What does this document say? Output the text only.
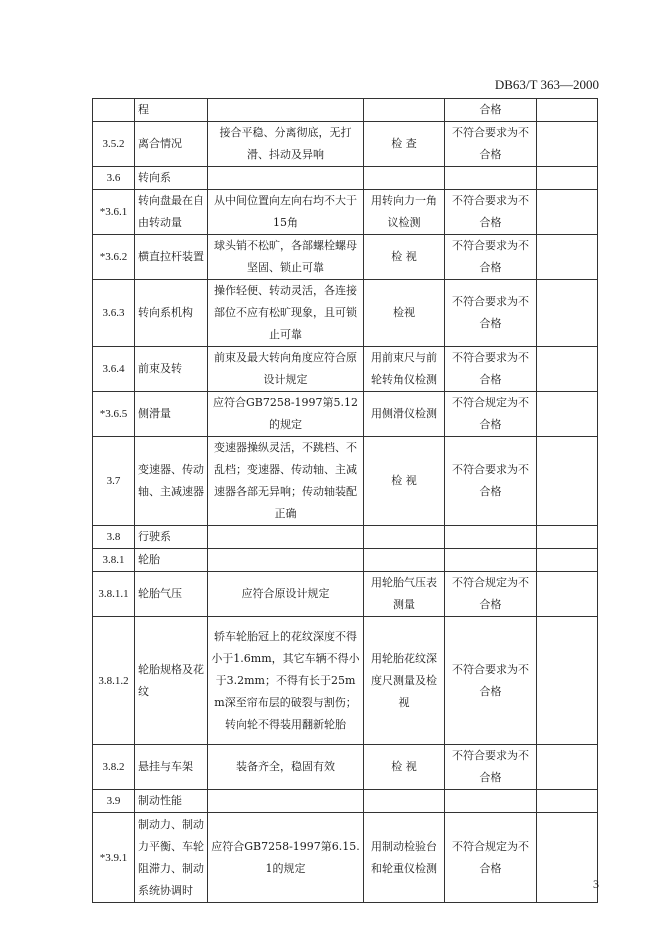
DB63/T 363—2000
	程			合格	
3.5.2	离合情况	接合平稳、分离彻底，无打滑、抖动及异响	检 查	不符合要求为不合格	
3.6	转向系				
*3.6.1	转向盘最在自由转动量	从中间位置向左向右均不大于15角	用转向力一角议检测	不符合要求为不合格	
*3.6.2	横直拉杆装置	球头销不松旷，各部螺栓螺母坚固、锁止可靠	检 视	不符合要求为不合格	
3.6.3	转向系机构	操作轻便、转动灵活，各连接部位不应有松旷现象，且可锁止可靠	检视	不符合要求为不合格	
3.6.4	前束及转	前束及最大转向角度应符合原设计规定	用前束尺与前轮转角仪检测	不符合要求为不合格	
*3.6.5	侧滑量	应符合GB7258-1997第5.12的规定	用侧滑仪检测	不符合规定为不合格	
3.7	变速器、传动轴、主减速器	变速器操纵灵活，不跳档、不乱档；变速器、传动轴、主减速器各部无异响；传动轴装配正确	检 视	不符合要求为不合格	
3.8	行驶系				
3.8.1	轮胎				
3.8.1.1	轮胎气压	应符合原设计规定	用轮胎气压表测量	不符合规定为不合格	
3.8.1.2	轮胎规格及花纹	轿车轮胎冠上的花纹深度不得小于1.6mm，其它车辆不得小于3.2mm；不得有长于25mm深至帘布层的破裂与割伤；转向轮不得装用翻新轮胎	用轮胎花纹深度尺测量及检视	不符合要求为不合格	
3.8.2	悬挂与车架	装备齐全，稳固有效	检 视	不符合要求为不合格	
3.9	制动性能				
*3.9.1	制动力、制动力平衡、车轮阻滞力、制动系统协调时	应符合GB7258-1997第6.15.1的规定	用制动检验台和轮重仪检测	不符合规定为不合格	
3
